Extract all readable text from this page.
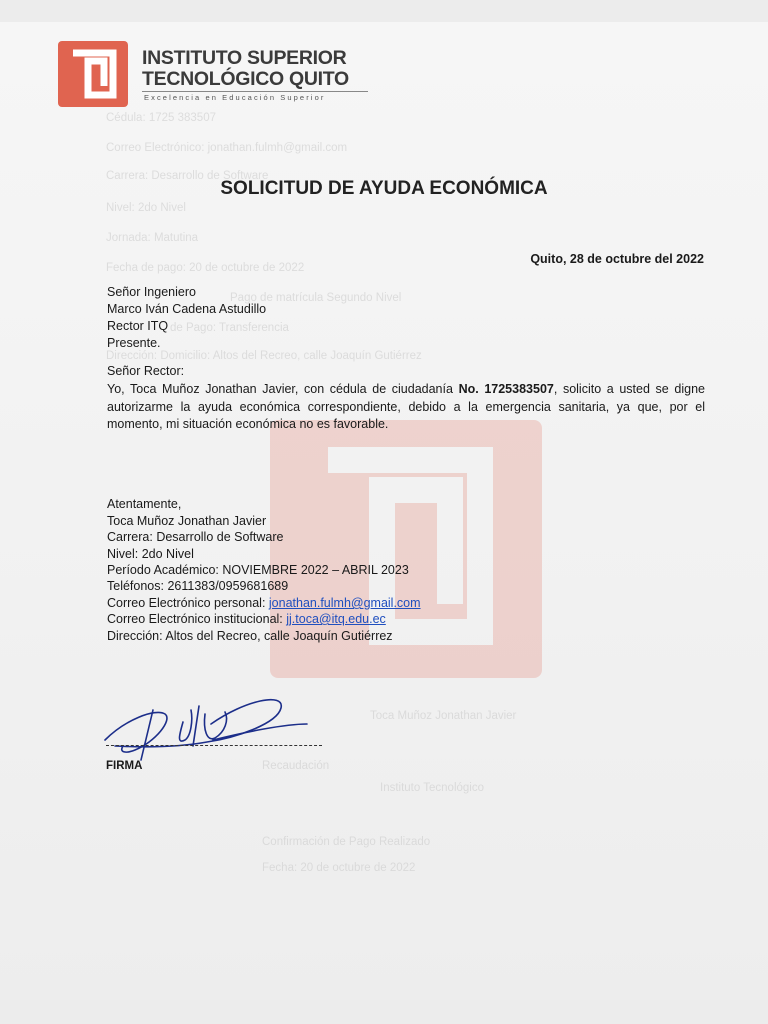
Cédula: 1725 383507
Correo Electrónico: jonathan.fulmh@gmail.com
Carrera: Desarrollo de Software
Nivel: 2do Nivel
Jornada: Matutina
Fecha de pago: 20 de octubre de 2022
Pago de matrícula Segundo Nivel
de Pago: Transferencia
Dirección: Domicilio: Altos del Recreo, calle Joaquín Gutiérrez
Toca Muñoz Jonathan Javier
Recaudación
Instituto Tecnológico
Confirmación de Pago Realizado
Fecha: 20 de octubre de 2022
INSTITUTO SUPERIOR
TECNOLÓGICO QUITO
Excelencia en Educación Superior
SOLICITUD DE AYUDA ECONÓMICA
Quito, 28 de octubre del 2022
Señor Ingeniero
Marco Iván Cadena Astudillo
Rector ITQ
Presente.
Señor Rector:
Yo, Toca Muñoz Jonathan Javier, con cédula de ciudadanía No. 1725383507, solicito a usted se digne autorizarme la ayuda económica correspondiente, debido a la emergencia sanitaria, ya que, por el momento, mi situación económica no es favorable.
Atentamente,
Toca Muñoz Jonathan Javier
Carrera: Desarrollo de Software
Nivel: 2do Nivel
Período Académico: NOVIEMBRE 2022 – ABRIL 2023
Teléfonos: 2611383/0959681689
Correo Electrónico personal: jonathan.fulmh@gmail.com
Correo Electrónico institucional: jj.toca@itq.edu.ec
Dirección: Altos del Recreo, calle Joaquín Gutiérrez
FIRMA
